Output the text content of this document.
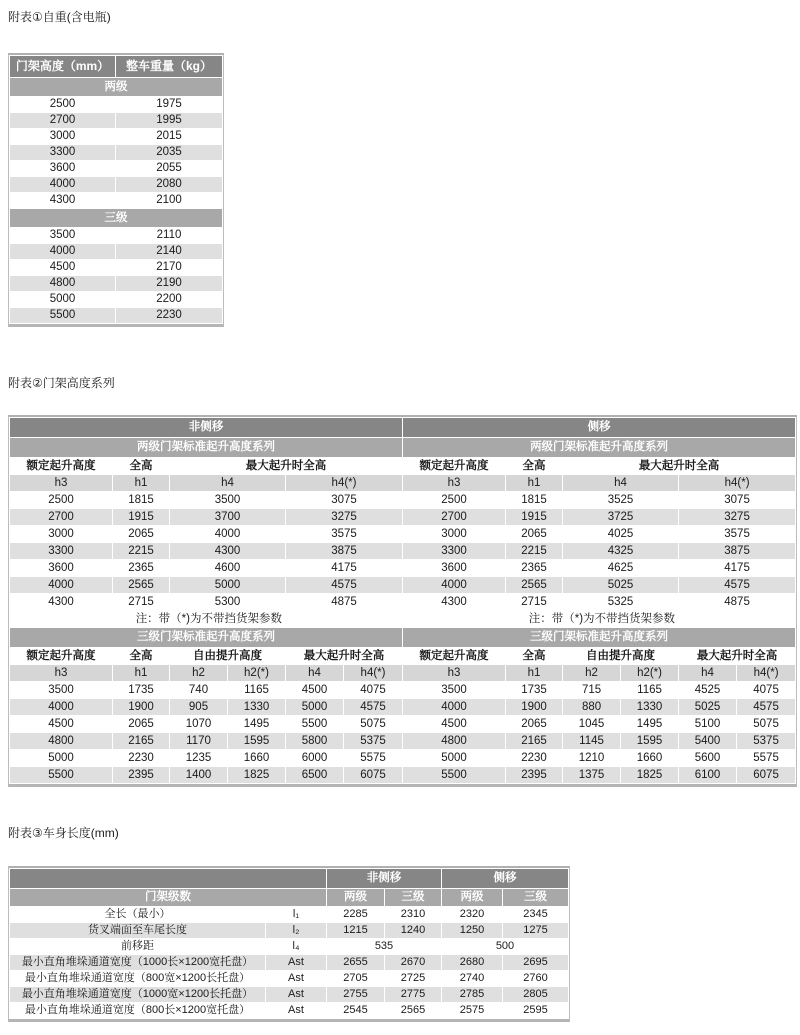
附表①自重(含电瓶)
门架高度（mm）	整车重量（kg）
两级	
2500	1975
2700	1995
3000	2015
3300	2035
3600	2055
4000	2080
4300	2100
三级	
3500	2110
4000	2140
4500	2170
4800	2190
5000	2200
5500	2230
附表②门架高度系列
非侧移						侧移					
两级门架标准起升高度系列						两级门架标准起升高度系列					
额定起升高度	全高	最大起升时全高				额定起升高度	全高	最大起升时全高			
h3	h1	h4		h4(*)		h3	h1	h4		h4(*)	
2500	1815	3500		3075		2500	1815	3525		3075	
2700	1915	3700		3275		2700	1915	3725		3275	
3000	2065	4000		3575		3000	2065	4025		3575	
3300	2215	4300		3875		3300	2215	4325		3875	
3600	2365	4600		4175		3600	2365	4625		4175	
4000	2565	5000		4575		4000	2565	5025		4575	
4300	2715	5300		4875		4300	2715	5325		4875	
注：带（*)为不带挡货架参数						注：带（*)为不带挡货架参数					
三级门架标准起升高度系列						三级门架标准起升高度系列					
额定起升高度	全高	自由提升高度		最大起升时全高		额定起升高度	全高	自由提升高度		最大起升时全高	
h3	h1	h2	h2(*)	h4	h4(*)	h3	h1	h2	h2(*)	h4	h4(*)
3500	1735	740	1165	4500	4075	3500	1735	715	1165	4525	4075
4000	1900	905	1330	5000	4575	4000	1900	880	1330	5025	4575
4500	2065	1070	1495	5500	5075	4500	2065	1045	1495	5100	5075
4800	2165	1170	1595	5800	5375	4800	2165	1145	1595	5400	5375
5000	2230	1235	1660	6000	5575	5000	2230	1210	1660	5600	5575
5500	2395	1400	1825	6500	6075	5500	2395	1375	1825	6100	6075
附表③车身长度(mm)
		非侧移		侧移	
门架级数		两级	三级	两级	三级
全长（最小）	l₁	2285	2310	2320	2345
货叉端面至车尾长度	l₂	1215	1240	1250	1275
前移距	l₄	535		500	
最小直角堆垛通道宽度（1000长×1200宽托盘）	Ast	2655	2670	2680	2695
最小直角堆垛通道宽度（800宽×1200长托盘）	Ast	2705	2725	2740	2760
最小直角堆垛通道宽度（1000宽×1200长托盘）	Ast	2755	2775	2785	2805
最小直角堆垛通道宽度（800长×1200宽托盘）	Ast	2545	2565	2575	2595
